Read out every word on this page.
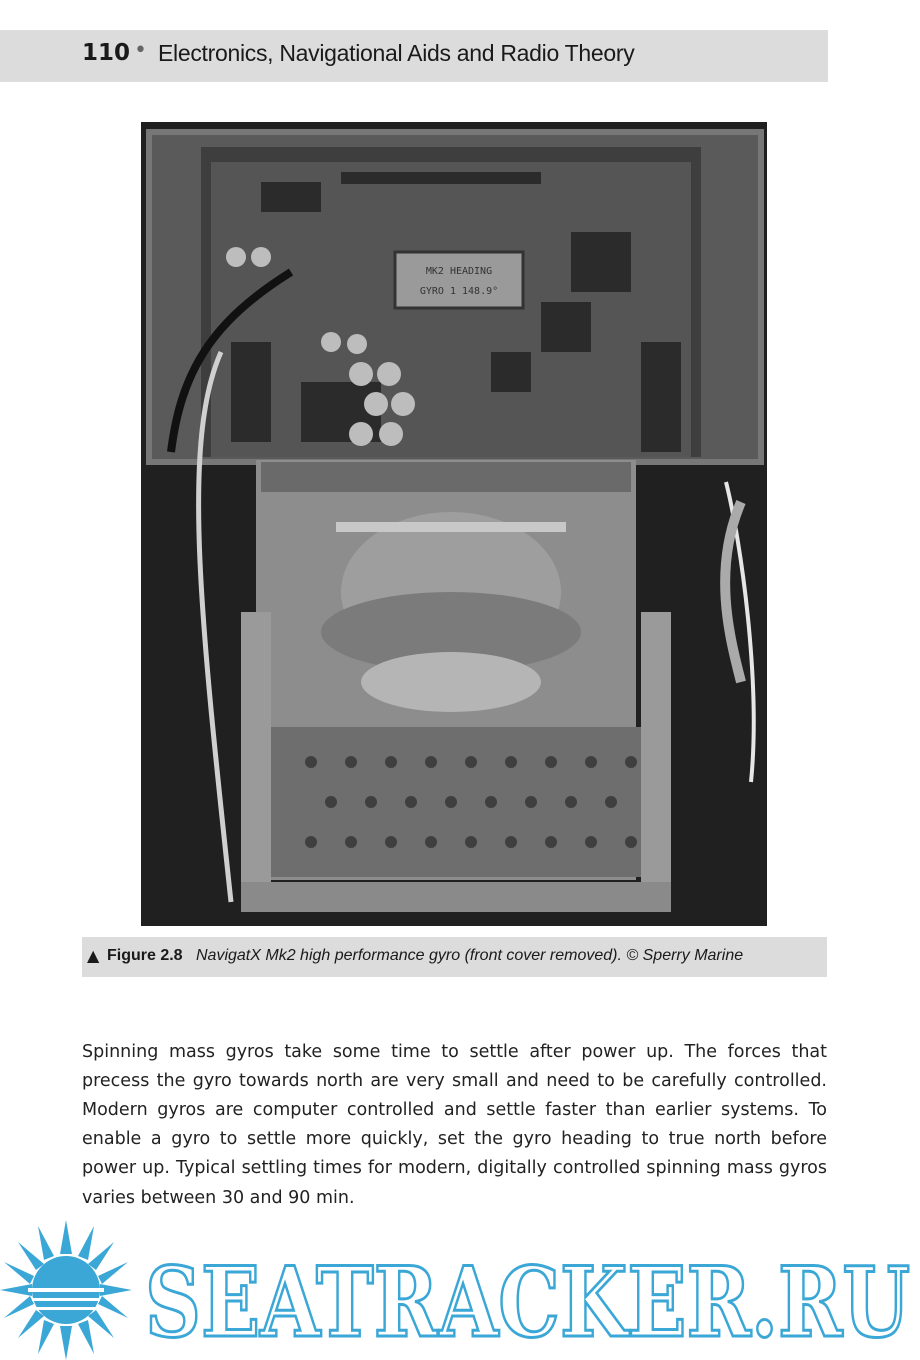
110 • Electronics, Navigational Aids and Radio Theory
MK2 HEADING
GYRO 1 148.9°
▲ Figure 2.8 NavigatX Mk2 high performance gyro (front cover removed). © Sperry Marine

Spinning mass gyros take some time to settle after power up. The forces that precess the gyro towards north are very small and need to be carefully controlled. Modern gyros are computer controlled and settle faster than earlier systems. To enable a gyro to settle more quickly, set the gyro heading to true north before power up. Typical settling times for modern, digitally controlled spinning mass gyros varies between 30 and 90 min.

SEATRACKER.RU
